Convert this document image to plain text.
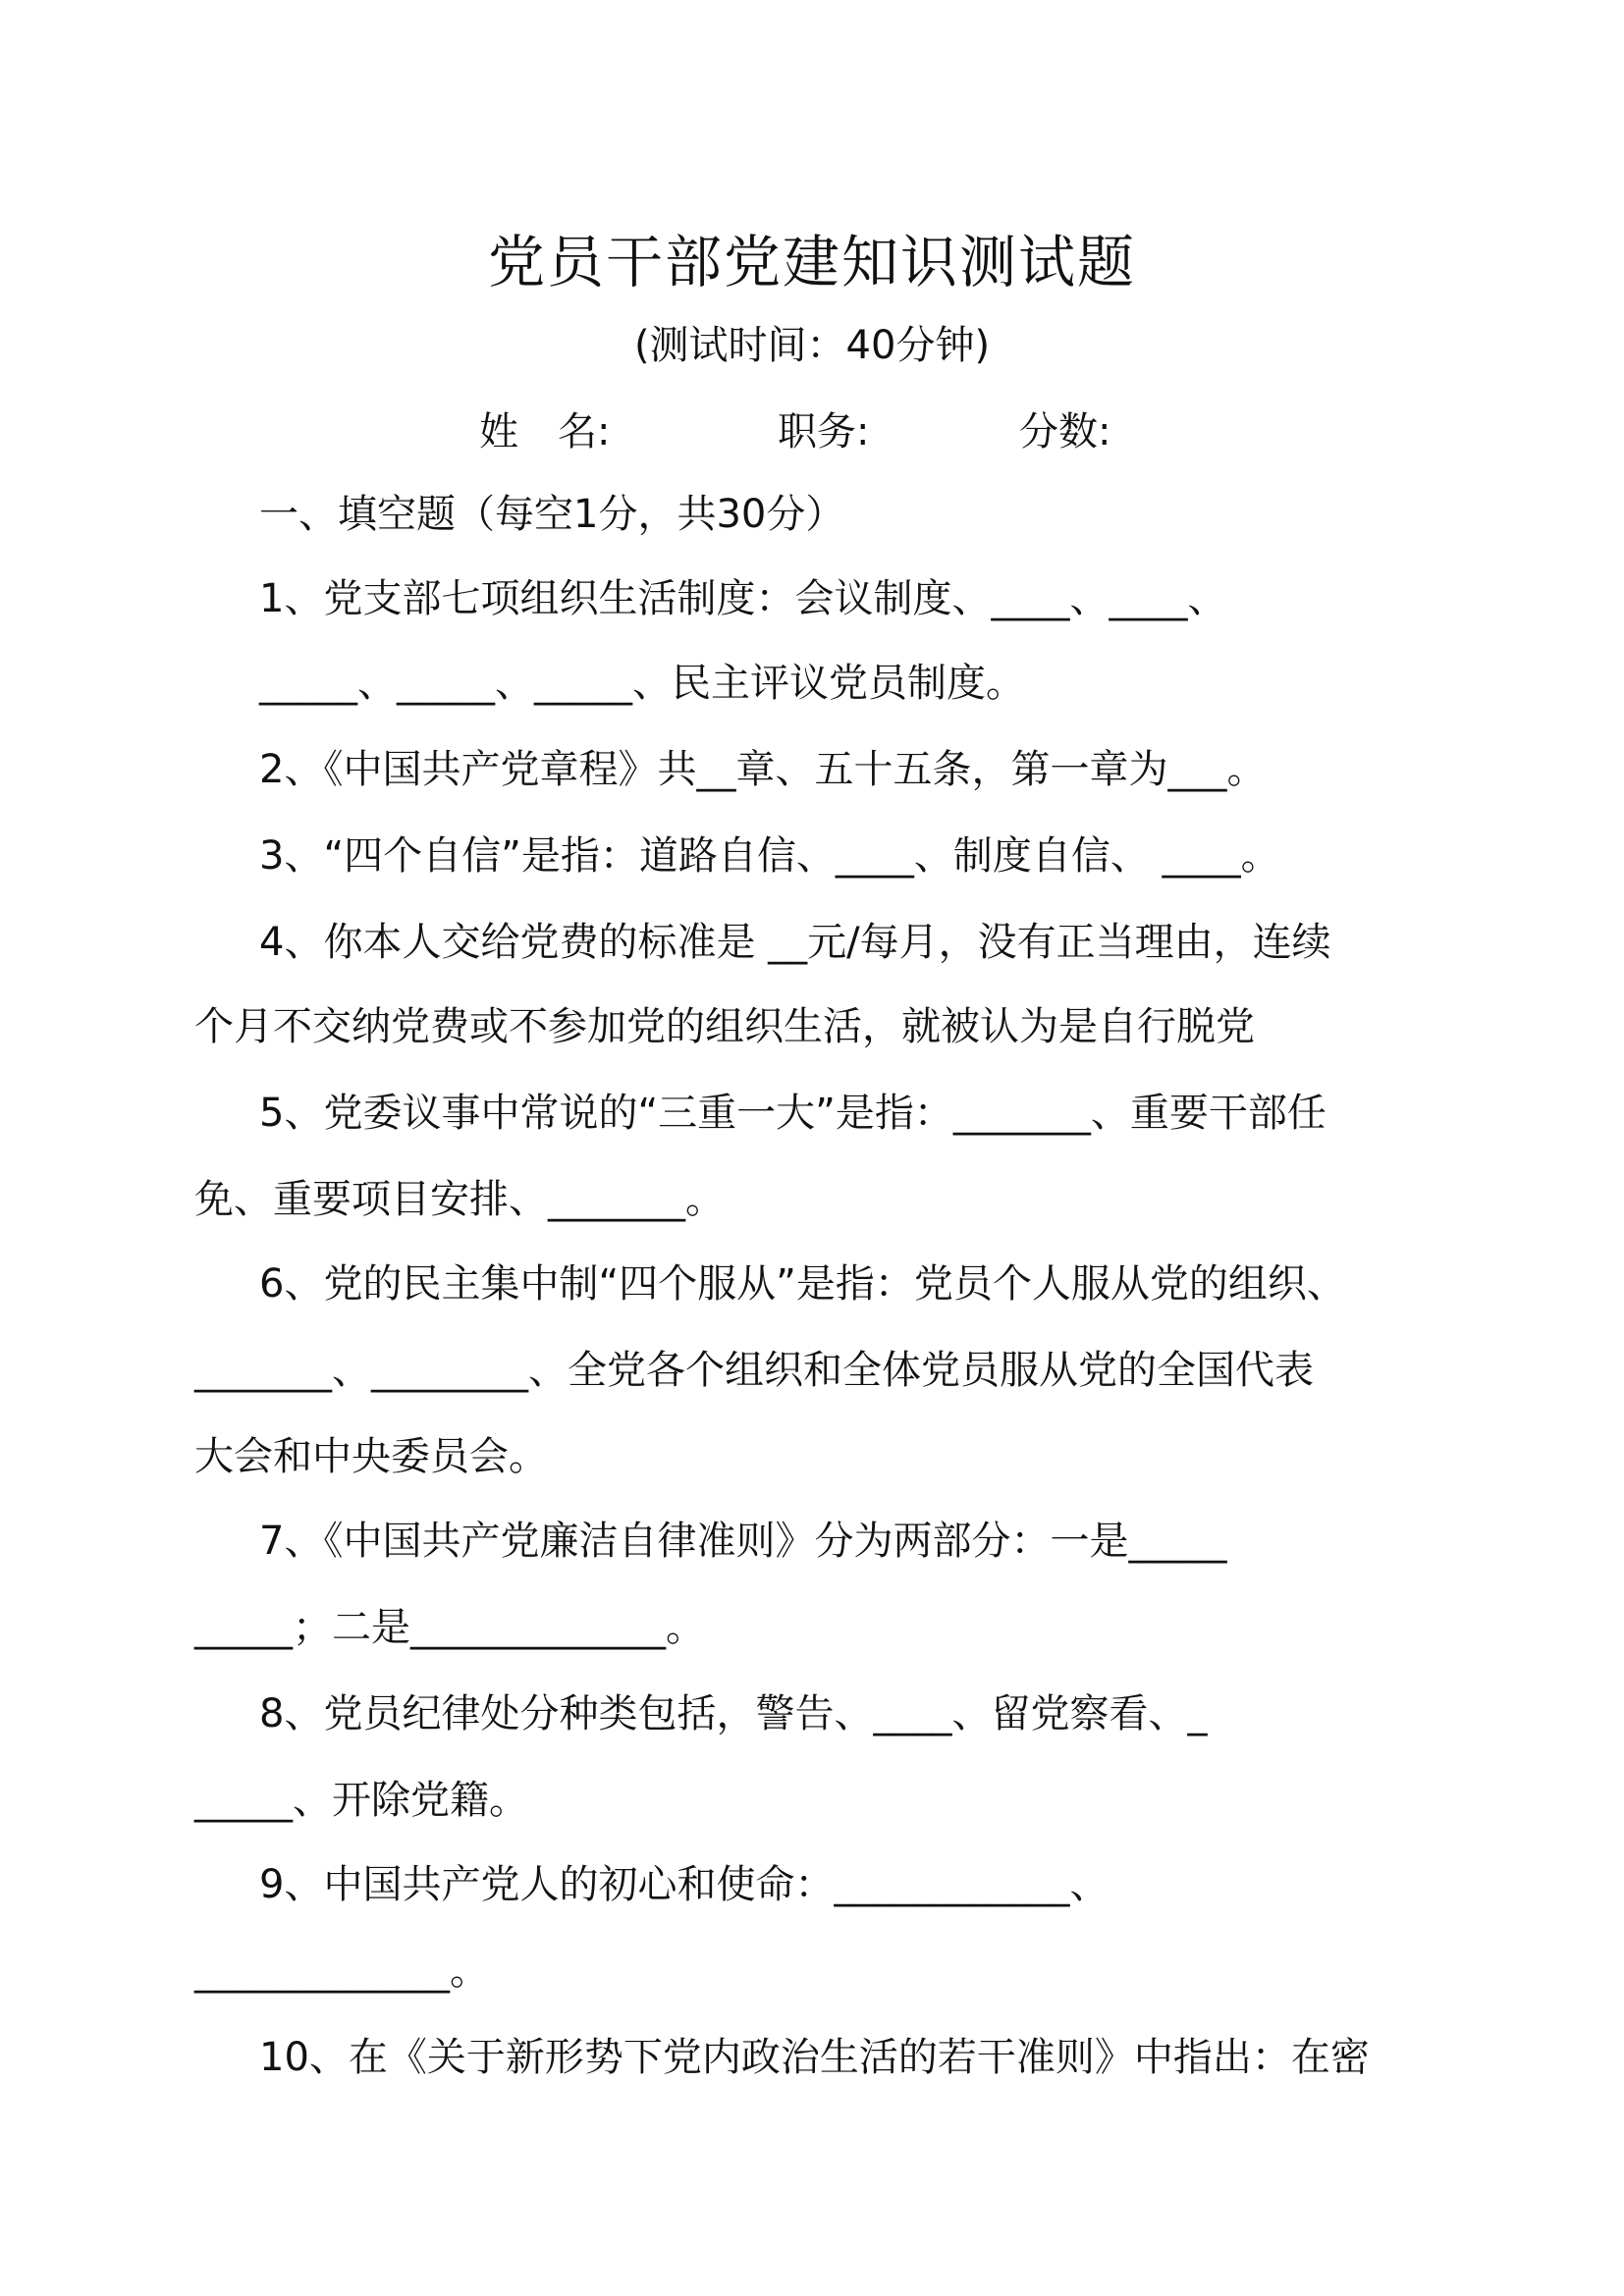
党员干部党建知识测试题
(测试时间：40分钟)
姓　名:	职务:	分数:
一、填空题（每空1分，共30分）
1、党支部七项组织生活制度：会议制度、____、____、
_____、_____、_____、民主评议党员制度。
2、《中国共产党章程》共__章、五十五条，第一章为___。
3、“四个自信”是指：道路自信、____、制度自信、 ____。
4、你本人交给党费的标准是 __元/每月，没有正当理由，连续
个月不交纳党费或不参加党的组织生活，就被认为是自行脱党
5、党委议事中常说的“三重一大”是指：_______、重要干部任
免、重要项目安排、_______。
6、党的民主集中制“四个服从”是指：党员个人服从党的组织、
_______、________、全党各个组织和全体党员服从党的全国代表
大会和中央委员会。
7、《中国共产党廉洁自律准则》分为两部分：一是_____
_____；二是_____________。
8、党员纪律处分种类包括，警告、____、留党察看、_
_____、开除党籍。
9、中国共产党人的初心和使命：____________、
_____________。
10、在《关于新形势下党内政治生活的若干准则》中指出：在密
